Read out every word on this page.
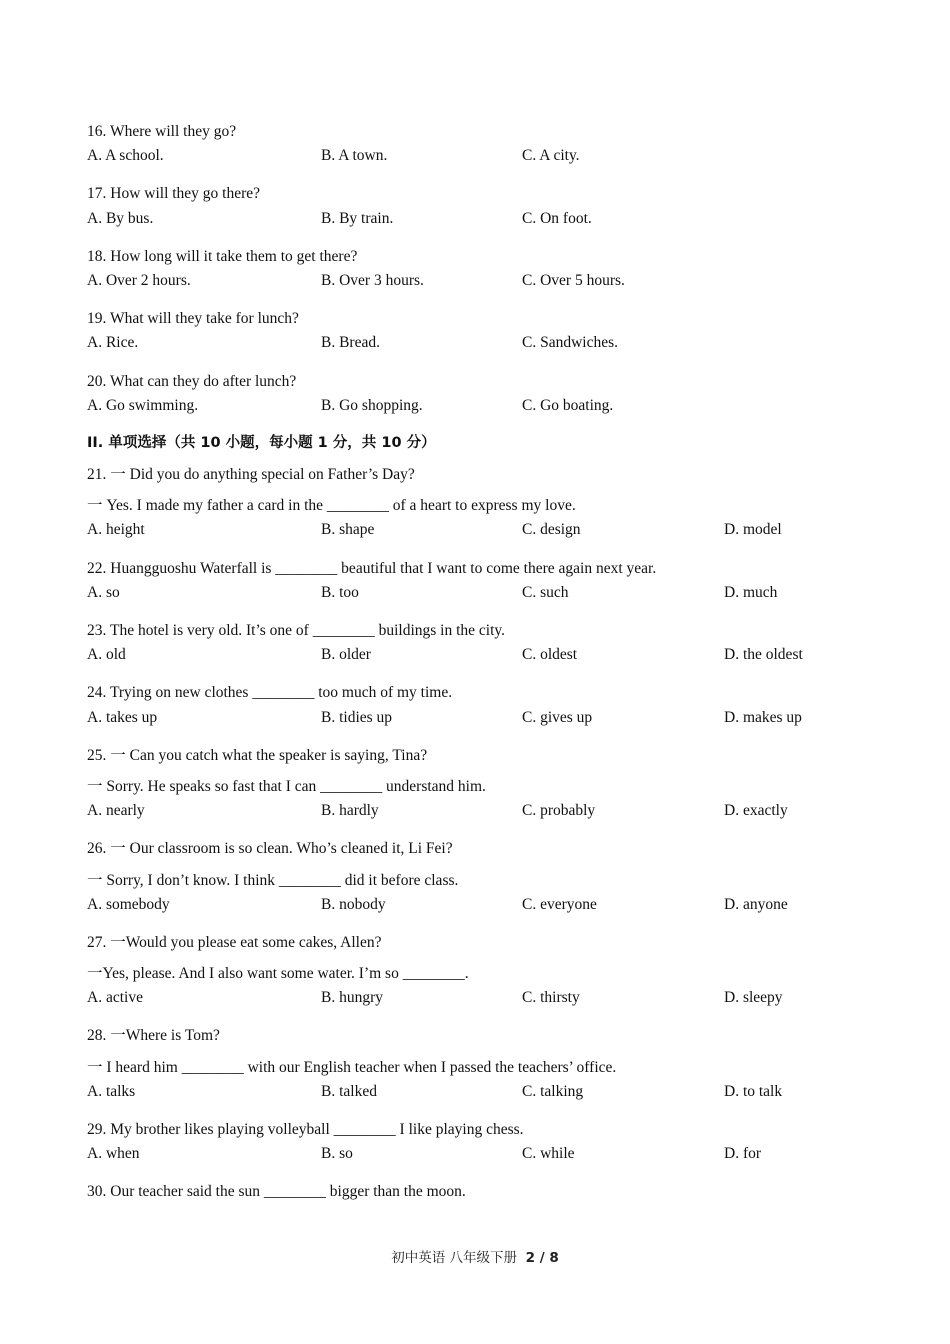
16. Where will they go?
A. A school.	B. A town.	C. A city.
17. How will they go there?
A. By bus.	B. By train.	C. On foot.
18. How long will it take them to get there?
A. Over 2 hours.	B. Over 3 hours.	C. Over 5 hours.
19. What will they take for lunch?
A. Rice.	B. Bread.	C. Sandwiches.
20. What can they do after lunch?
A. Go swimming.	B. Go shopping.	C. Go boating.
II. 单项选择（共 10 小题，每小题 1 分，共 10 分）
21. 一 Did you do anything special on Father’s Day?
一 Yes. I made my father a card in the ________ of a heart to express my love.
A. height	B. shape	C. design	D. model
22. Huangguoshu Waterfall is ________ beautiful that I want to come there again next year.
A. so	B. too	C. such	D. much
23. The hotel is very old. It’s one of ________ buildings in the city.
A. old	B. older	C. oldest	D. the oldest
24. Trying on new clothes ________ too much of my time.
A. takes up	B. tidies up	C. gives up	D. makes up
25. 一 Can you catch what the speaker is saying, Tina?
一 Sorry. He speaks so fast that I can ________ understand him.
A. nearly	B. hardly	C. probably	D. exactly
26. 一 Our classroom is so clean. Who’s cleaned it, Li Fei?
一 Sorry, I don’t know. I think ________ did it before class.
A. somebody	B. nobody	C. everyone	D. anyone
27. 一Would you please eat some cakes, Allen?
一Yes, please. And I also want some water. I’m so ________.
A. active	B. hungry	C. thirsty	D. sleepy
28. 一Where is Tom?
一 I heard him ________ with our English teacher when I passed the teachers’ office.
A. talks	B. talked	C. talking	D. to talk
29. My brother likes playing volleyball ________ I like playing chess.
A. when	B. so	C. while	D. for
30. Our teacher said the sun ________ bigger than the moon.
初中英语 八年级下册 2 / 8
